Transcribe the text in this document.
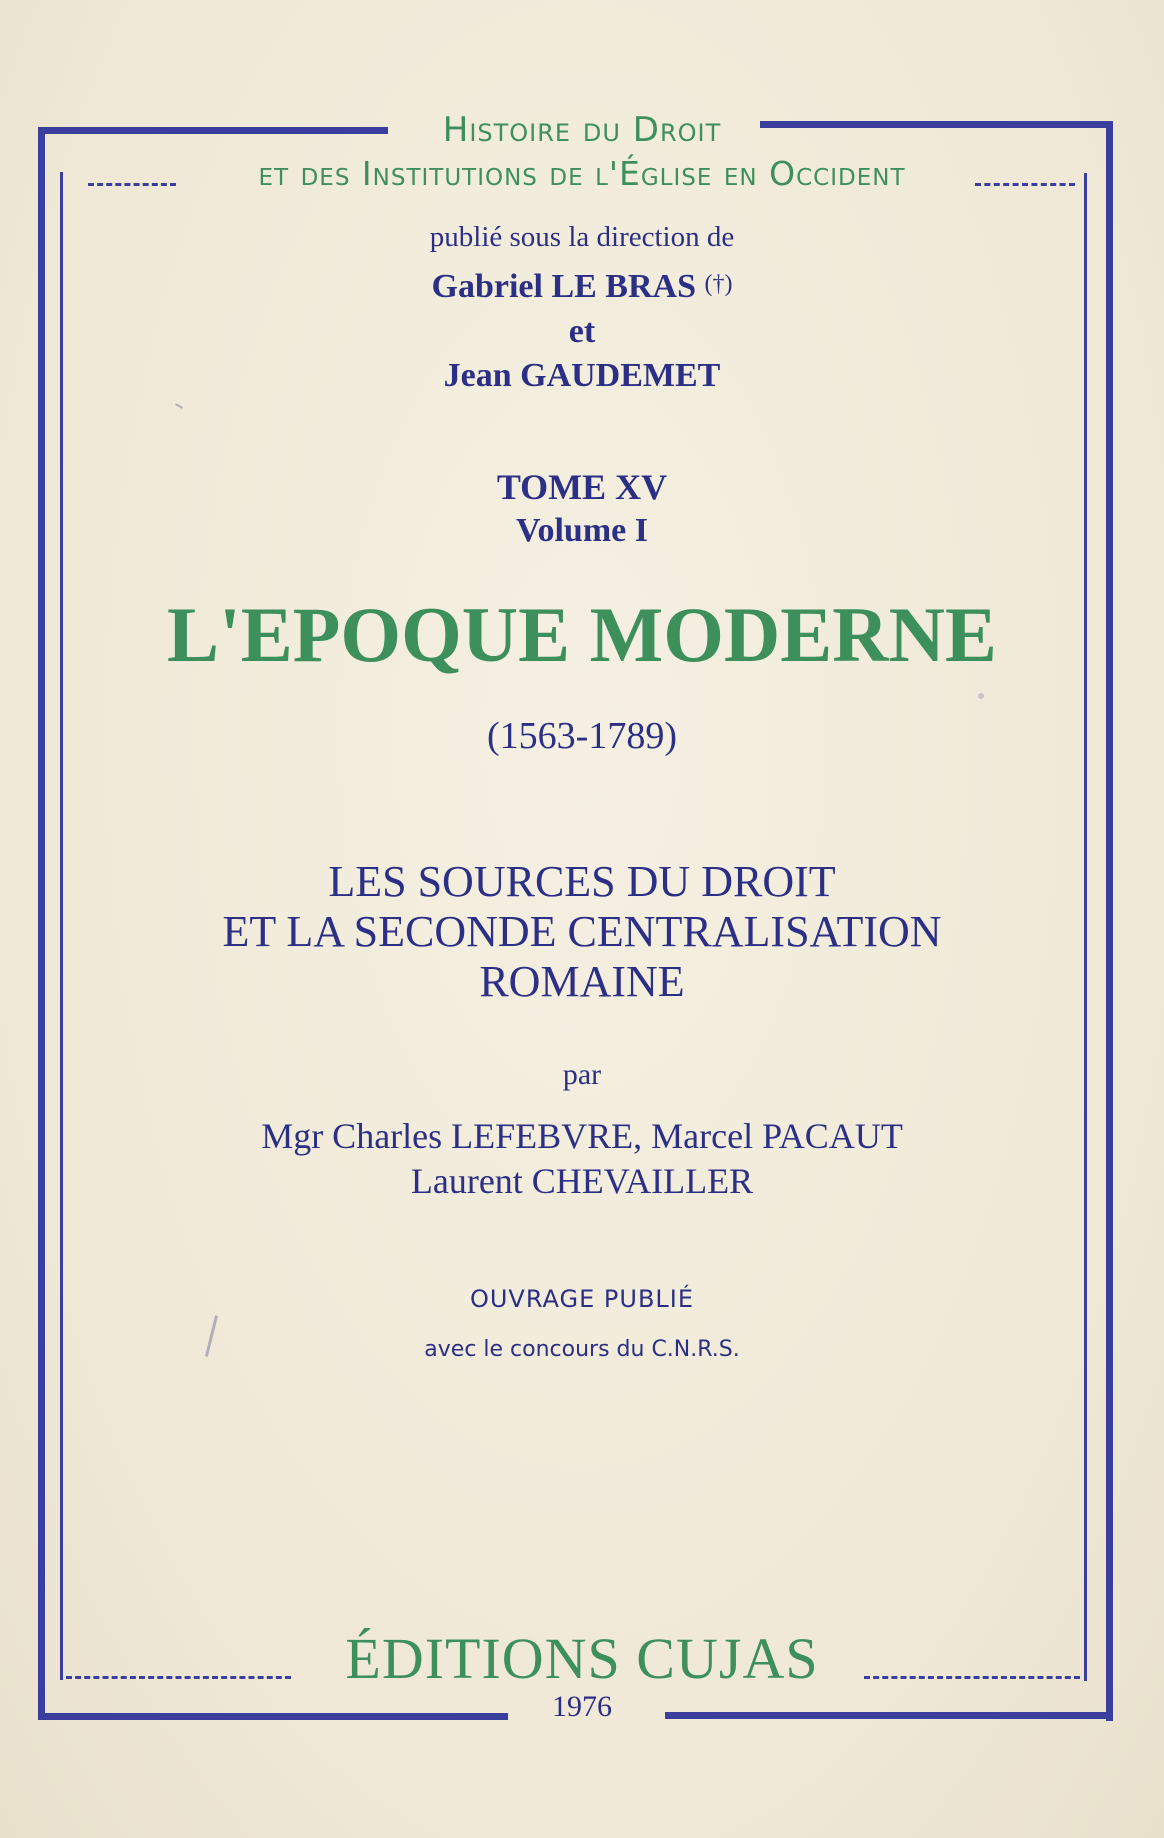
Histoire du Droit
et des Institutions de l'Église en Occident
publié sous la direction de
Gabriel LE BRAS (†)
et
Jean GAUDEMET
TOME XV
Volume I
L'EPOQUE MODERNE
(1563-1789)
LES SOURCES DU DROIT
ET LA SECONDE CENTRALISATION
ROMAINE
par
Mgr Charles LEFEBVRE, Marcel PACAUT
Laurent CHEVAILLER
OUVRAGE PUBLIÉ
avec le concours du C.N.R.S.
ÉDITIONS CUJAS
1976
